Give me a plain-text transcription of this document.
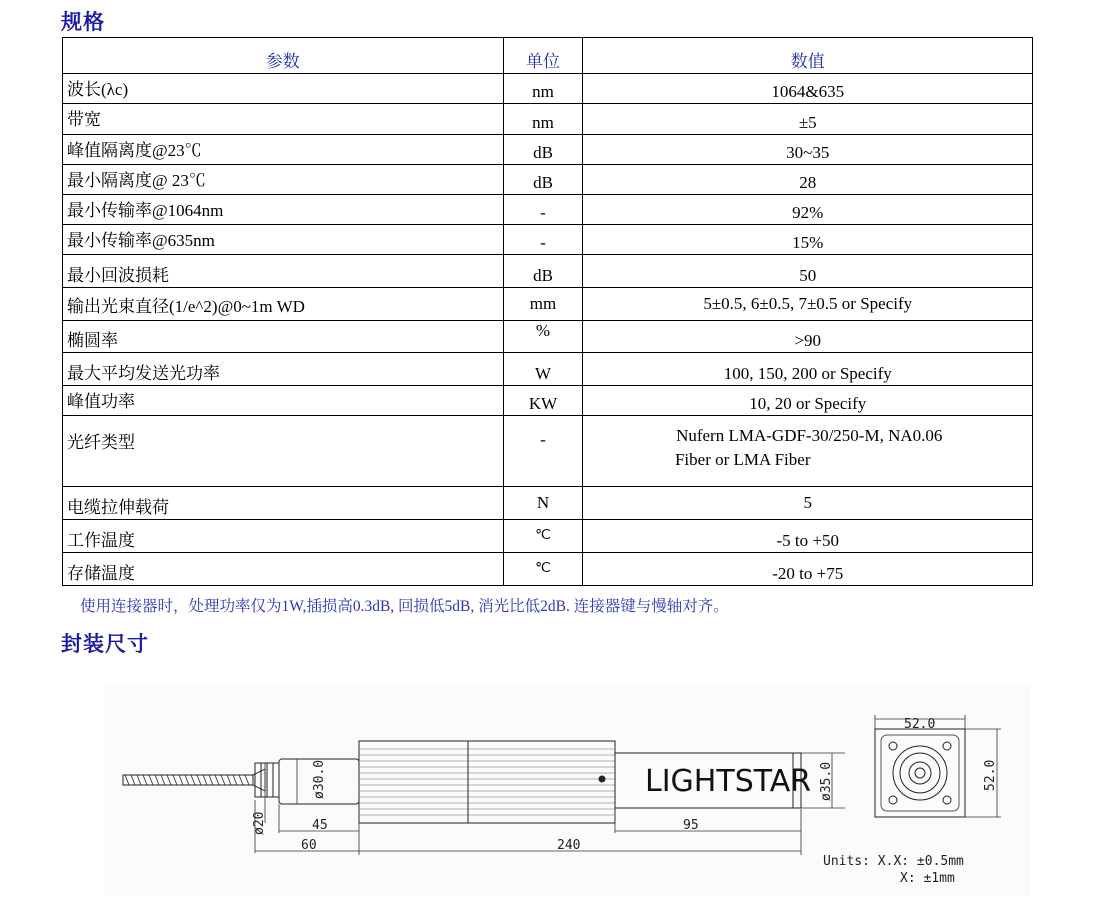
规格
参数	单位	数值
波长(λc)	nm	1064&635
带宽	nm	±5
峰值隔离度@23℃	dB	30~35
最小隔离度@ 23℃	dB	28
最小传输率@1064nm	-	92%
最小传输率@635nm	-	15%
最小回波损耗	dB	50
输出光束直径(1/e^2)@0~1m WD	mm	5±0.5, 6±0.5, 7±0.5 or Specify
椭圆率	%	>90
最大平均发送光功率	W	100, 150, 200 or Specify
峰值功率	KW	10, 20 or Specify
光纤类型	-	Nufern LMA-GDF-30/250-M, NA0.06
Fiber or LMA Fiber

电缆拉伸载荷	N	5
工作温度	℃	-5 to +50
存储温度	℃	-20 to +75
使用连接器时，处理功率仅为1W,插损高0.3dB, 回损低5dB, 消光比低2dB. 连接器键与慢轴对齐。
封装尺寸
LIGHTSTAR
ø20
ø30.0	ø35.0
45
60	240
95
52.0
52.0
Units: X.X: ±0.5mm
X: ±1mm
